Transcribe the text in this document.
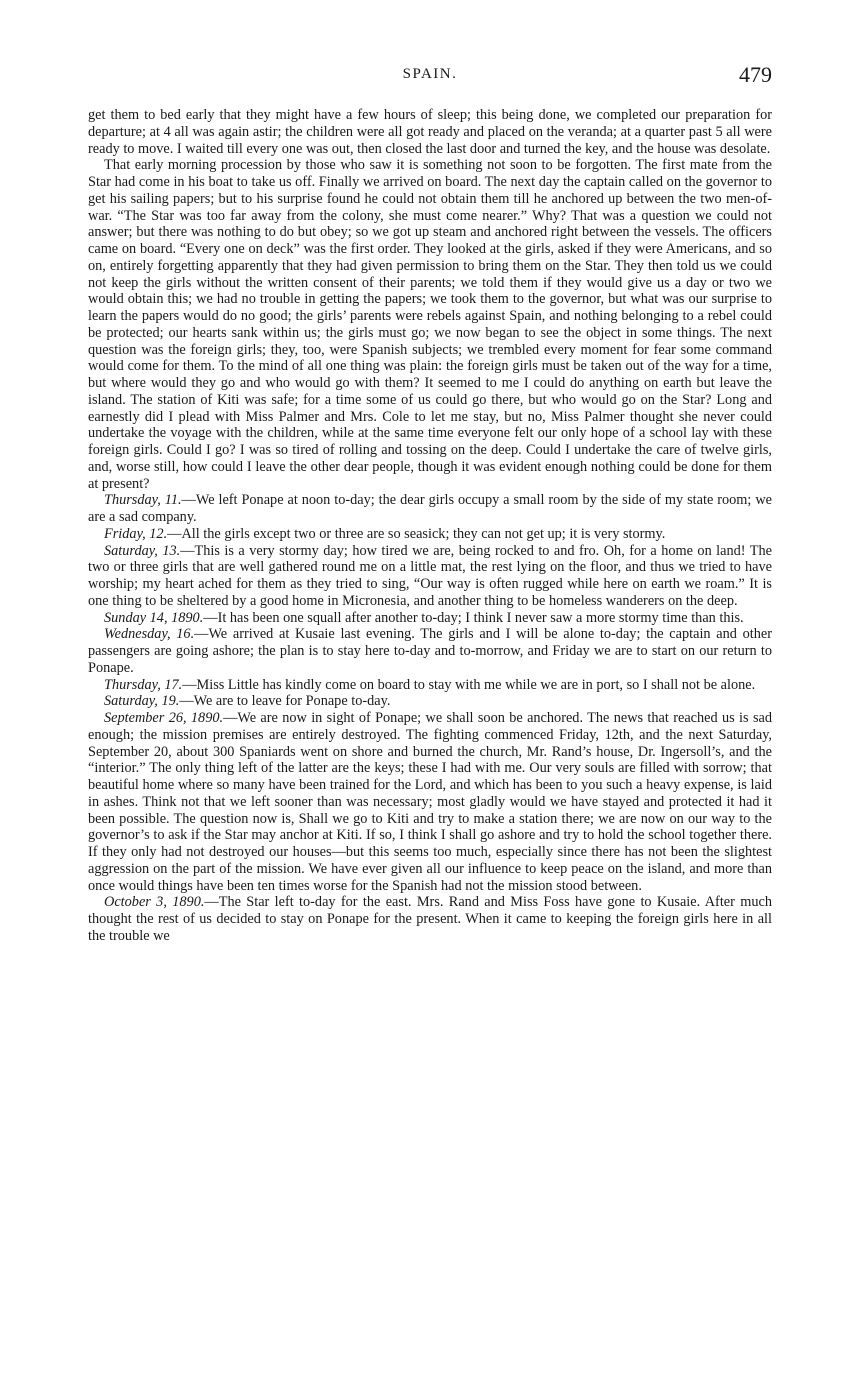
SPAIN.	479

get them to bed early that they might have a few hours of sleep; this being done, we completed our preparation for departure; at 4 all was again astir; the children were all got ready and placed on the veranda; at a quarter past 5 all were ready to move. I waited till every one was out, then closed the last door and turned the key, and the house was desolate.

That early morning procession by those who saw it is something not soon to be forgotten. The first mate from the Star had come in his boat to take us off. Finally we arrived on board. The next day the captain called on the governor to get his sailing papers; but to his surprise found he could not obtain them till he anchored up between the two men-of-war. “The Star was too far away from the colony, she must come nearer.” Why? That was a question we could not answer; but there was nothing to do but obey; so we got up steam and anchored right between the vessels. The officers came on board. “Every one on deck” was the first order. They looked at the girls, asked if they were Americans, and so on, entirely forgetting apparently that they had given permission to bring them on the Star. They then told us we could not keep the girls without the written consent of their parents; we told them if they would give us a day or two we would obtain this; we had no trouble in getting the papers; we took them to the governor, but what was our surprise to learn the papers would do no good; the girls’ parents were rebels against Spain, and nothing belonging to a rebel could be protected; our hearts sank within us; the girls must go; we now began to see the object in some things. The next question was the foreign girls; they, too, were Spanish subjects; we trembled every moment for fear some command would come for them. To the mind of all one thing was plain: the foreign girls must be taken out of the way for a time, but where would they go and who would go with them? It seemed to me I could do anything on earth but leave the island. The station of Kiti was safe; for a time some of us could go there, but who would go on the Star? Long and earnestly did I plead with Miss Palmer and Mrs. Cole to let me stay, but no, Miss Palmer thought she never could undertake the voyage with the children, while at the same time everyone felt our only hope of a school lay with these foreign girls. Could I go? I was so tired of rolling and tossing on the deep. Could I undertake the care of twelve girls, and, worse still, how could I leave the other dear people, though it was evident enough nothing could be done for them at present?

Thursday, 11.—We left Ponape at noon to-day; the dear girls occupy a small room by the side of my state room; we are a sad company.

Friday, 12.—All the girls except two or three are so seasick; they can not get up; it is very stormy.

Saturday, 13.—This is a very stormy day; how tired we are, being rocked to and fro. Oh, for a home on land! The two or three girls that are well gathered round me on a little mat, the rest lying on the floor, and thus we tried to have worship; my heart ached for them as they tried to sing, “Our way is often rugged while here on earth we roam.” It is one thing to be sheltered by a good home in Micronesia, and another thing to be homeless wanderers on the deep.

Sunday 14, 1890.—It has been one squall after another to-day; I think I never saw a more stormy time than this.

Wednesday, 16.—We arrived at Kusaie last evening. The girls and I will be alone to-day; the captain and other passengers are going ashore; the plan is to stay here to-day and to-morrow, and Friday we are to start on our return to Ponape.

Thursday, 17.—Miss Little has kindly come on board to stay with me while we are in port, so I shall not be alone.

Saturday, 19.—We are to leave for Ponape to-day.

September 26, 1890.—We are now in sight of Ponape; we shall soon be anchored. The news that reached us is sad enough; the mission premises are entirely destroyed. The fighting commenced Friday, 12th, and the next Saturday, September 20, about 300 Spaniards went on shore and burned the church, Mr. Rand’s house, Dr. Ingersoll’s, and the “interior.” The only thing left of the latter are the keys; these I had with me. Our very souls are filled with sorrow; that beautiful home where so many have been trained for the Lord, and which has been to you such a heavy expense, is laid in ashes. Think not that we left sooner than was necessary; most gladly would we have stayed and protected it had it been possible. The question now is, Shall we go to Kiti and try to make a station there; we are now on our way to the governor’s to ask if the Star may anchor at Kiti. If so, I think I shall go ashore and try to hold the school together there. If they only had not destroyed our houses—but this seems too much, especially since there has not been the slightest aggression on the part of the mission. We have ever given all our influence to keep peace on the island, and more than once would things have been ten times worse for the Spanish had not the mission stood between.

October 3, 1890.—The Star left to-day for the east. Mrs. Rand and Miss Foss have gone to Kusaie. After much thought the rest of us decided to stay on Ponape for the present. When it came to keeping the foreign girls here in all the trouble we
